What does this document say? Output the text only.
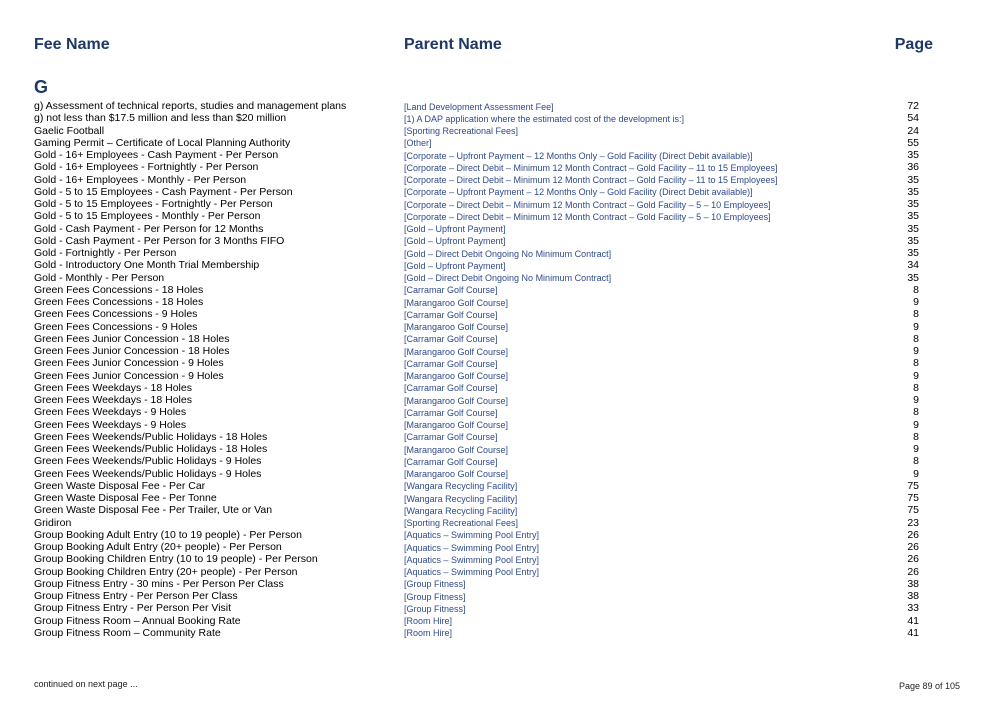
Fee Name	Parent Name	Page
G
g) Assessment of technical reports, studies and management plans	[Land Development Assessment Fee]	72
g) not less than $17.5 million and less than $20 million	[1) A DAP application where the estimated cost of the development is:]	54
Gaelic Football	[Sporting Recreational Fees]	24
Gaming Permit – Certificate of Local Planning Authority	[Other]	55
Gold - 16+ Employees - Cash Payment - Per Person	[Corporate – Upfront Payment – 12 Months Only – Gold Facility (Direct Debit available)]	35
Gold - 16+ Employees - Fortnightly - Per Person	[Corporate – Direct Debit – Minimum 12 Month Contract – Gold Facility – 11 to 15 Employees]	36
Gold - 16+ Employees - Monthly - Per Person	[Corporate – Direct Debit – Minimum 12 Month Contract – Gold Facility – 11 to 15 Employees]	35
Gold - 5 to 15 Employees - Cash Payment - Per Person	[Corporate – Upfront Payment – 12 Months Only – Gold Facility (Direct Debit available)]	35
Gold - 5 to 15 Employees - Fortnightly - Per Person	[Corporate – Direct Debit – Minimum 12 Month Contract – Gold Facility – 5 – 10 Employees]	35
Gold - 5 to 15 Employees - Monthly - Per Person	[Corporate – Direct Debit – Minimum 12 Month Contract – Gold Facility – 5 – 10 Employees]	35
Gold - Cash Payment - Per Person for 12 Months	[Gold – Upfront Payment]	35
Gold - Cash Payment - Per Person for 3 Months FIFO	[Gold – Upfront Payment]	35
Gold - Fortnightly - Per Person	[Gold – Direct Debit Ongoing No Minimum Contract]	35
Gold - Introductory One Month Trial Membership	[Gold – Upfront Payment]	34
Gold - Monthly - Per Person	[Gold – Direct Debit Ongoing No Minimum Contract]	35
Green Fees Concessions - 18 Holes	[Carramar Golf Course]	8
Green Fees Concessions - 18 Holes	[Marangaroo Golf Course]	9
Green Fees Concessions - 9 Holes	[Carramar Golf Course]	8
Green Fees Concessions - 9 Holes	[Marangaroo Golf Course]	9
Green Fees Junior Concession - 18 Holes	[Carramar Golf Course]	8
Green Fees Junior Concession - 18 Holes	[Marangaroo Golf Course]	9
Green Fees Junior Concession - 9 Holes	[Carramar Golf Course]	8
Green Fees Junior Concession - 9 Holes	[Marangaroo Golf Course]	9
Green Fees Weekdays - 18 Holes	[Carramar Golf Course]	8
Green Fees Weekdays - 18 Holes	[Marangaroo Golf Course]	9
Green Fees Weekdays - 9 Holes	[Carramar Golf Course]	8
Green Fees Weekdays - 9 Holes	[Marangaroo Golf Course]	9
Green Fees Weekends/Public Holidays - 18 Holes	[Carramar Golf Course]	8
Green Fees Weekends/Public Holidays - 18 Holes	[Marangaroo Golf Course]	9
Green Fees Weekends/Public Holidays - 9 Holes	[Carramar Golf Course]	8
Green Fees Weekends/Public Holidays - 9 Holes	[Marangaroo Golf Course]	9
Green Waste Disposal Fee - Per Car	[Wangara Recycling Facility]	75
Green Waste Disposal Fee - Per Tonne	[Wangara Recycling Facility]	75
Green Waste Disposal Fee - Per Trailer, Ute or Van	[Wangara Recycling Facility]	75
Gridiron	[Sporting Recreational Fees]	23
Group Booking Adult Entry (10 to 19 people) - Per Person	[Aquatics – Swimming Pool Entry]	26
Group Booking Adult Entry (20+ people) - Per Person	[Aquatics – Swimming Pool Entry]	26
Group Booking Children Entry (10 to 19 people) - Per Person	[Aquatics – Swimming Pool Entry]	26
Group Booking Children Entry (20+ people) - Per Person	[Aquatics – Swimming Pool Entry]	26
Group Fitness Entry - 30 mins - Per Person Per Class	[Group Fitness]	38
Group Fitness Entry - Per Person Per Class	[Group Fitness]	38
Group Fitness Entry - Per Person Per Visit	[Group Fitness]	33
Group Fitness Room – Annual Booking Rate	[Room Hire]	41
Group Fitness Room – Community Rate	[Room Hire]	41
continued on next page ...	Page 89 of 105
